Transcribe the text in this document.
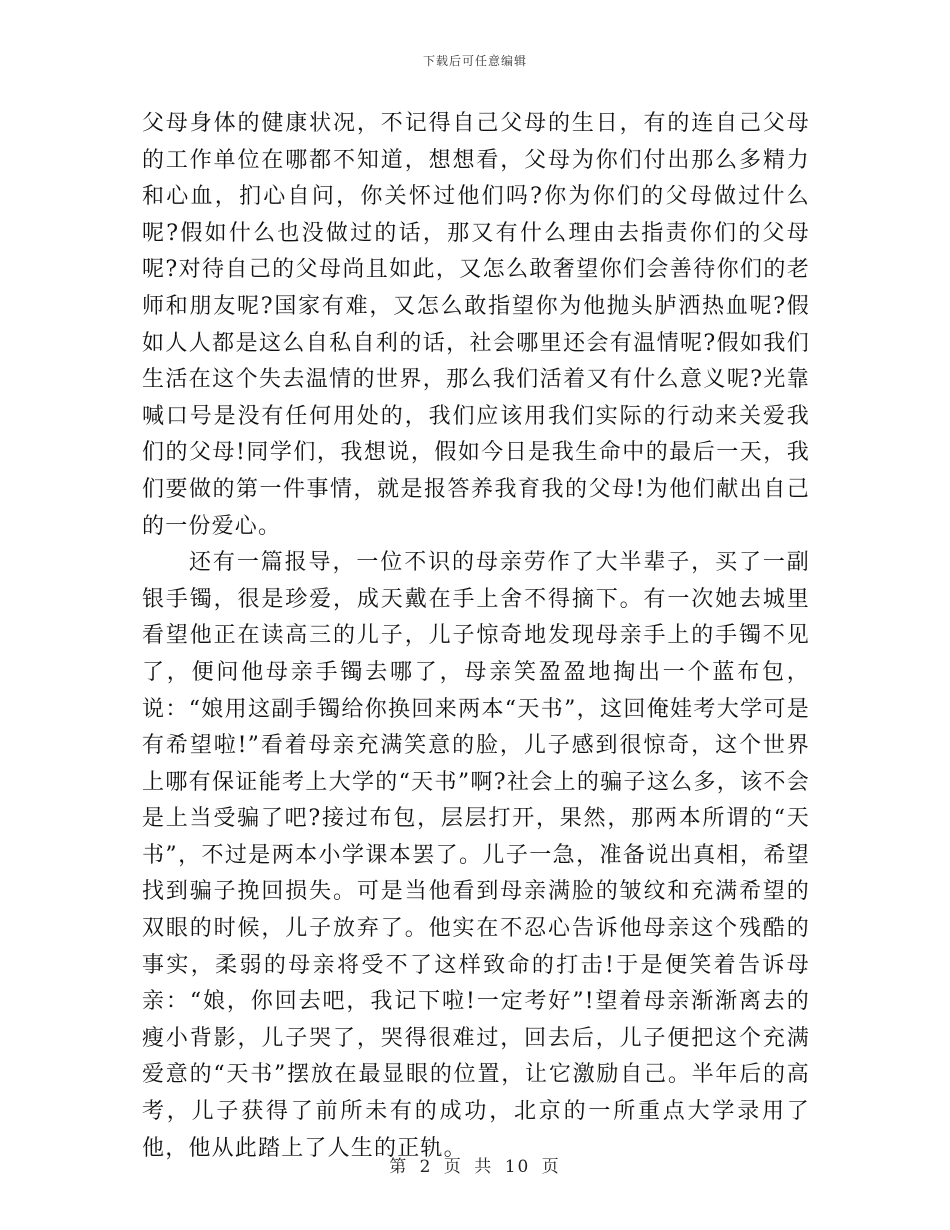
下载后可任意编辑

父母身体的健康状况，不记得自己父母的生日，有的连自己父母的工作单位在哪都不知道，想想看，父母为你们付出那么多精力和心血，扪心自问，你关怀过他们吗?你为你们的父母做过什么呢?假如什么也没做过的话，那又有什么理由去指责你们的父母呢?对待自己的父母尚且如此，又怎么敢奢望你们会善待你们的老师和朋友呢?国家有难，又怎么敢指望你为他抛头胪洒热血呢?假如人人都是这么自私自利的话，社会哪里还会有温情呢?假如我们生活在这个失去温情的世界，那么我们活着又有什么意义呢?光靠喊口号是没有任何用处的，我们应该用我们实际的行动来关爱我们的父母!同学们，我想说，假如今日是我生命中的最后一天，我们要做的第一件事情，就是报答养我育我的父母!为他们献出自己的一份爱心。

还有一篇报导，一位不识的母亲劳作了大半辈子，买了一副银手镯，很是珍爱，成天戴在手上舍不得摘下。有一次她去城里看望他正在读高三的儿子，儿子惊奇地发现母亲手上的手镯不见了，便问他母亲手镯去哪了，母亲笑盈盈地掏出一个蓝布包，说：“娘用这副手镯给你换回来两本“天书”，这回俺娃考大学可是有希望啦!”看着母亲充满笑意的脸，儿子感到很惊奇，这个世界上哪有保证能考上大学的“天书”啊?社会上的骗子这么多，该不会是上当受骗了吧?接过布包，层层打开，果然，那两本所谓的“天书”，不过是两本小学课本罢了。儿子一急，准备说出真相，希望找到骗子挽回损失。可是当他看到母亲满脸的皱纹和充满希望的双眼的时候，儿子放弃了。他实在不忍心告诉他母亲这个残酷的事实，柔弱的母亲将受不了这样致命的打击!于是便笑着告诉母亲：“娘，你回去吧，我记下啦!一定考好”!望着母亲渐渐离去的瘦小背影，儿子哭了，哭得很难过，回去后，儿子便把这个充满爱意的“天书”摆放在最显眼的位置，让它激励自己。半年后的高考，儿子获得了前所未有的成功，北京的一所重点大学录用了他，他从此踏上了人生的正轨。

第 2 页 共 10 页
